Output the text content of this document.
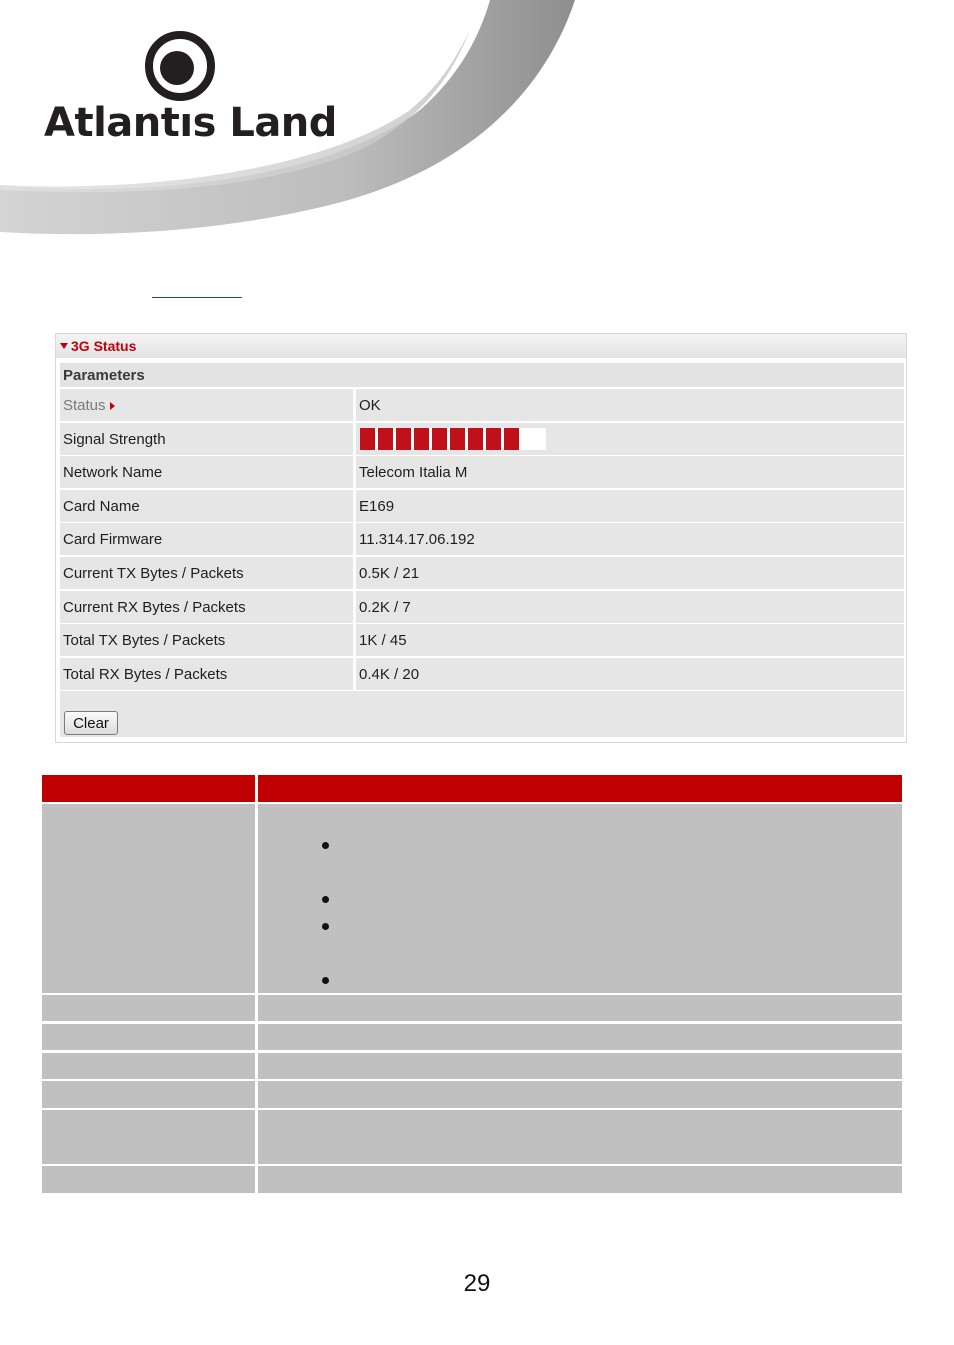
Atlantıs Land
3G Status
Parameters
Status	OK
Signal Strength
Network Name	Telecom Italia M
Card Name	E169
Card Firmware	11.314.17.06.192
Current TX Bytes / Packets	0.5K / 21
Current RX Bytes / Packets	0.2K / 7
Total TX Bytes / Packets	1K / 45
Total RX Bytes / Packets	0.4K / 20
Clear
29
